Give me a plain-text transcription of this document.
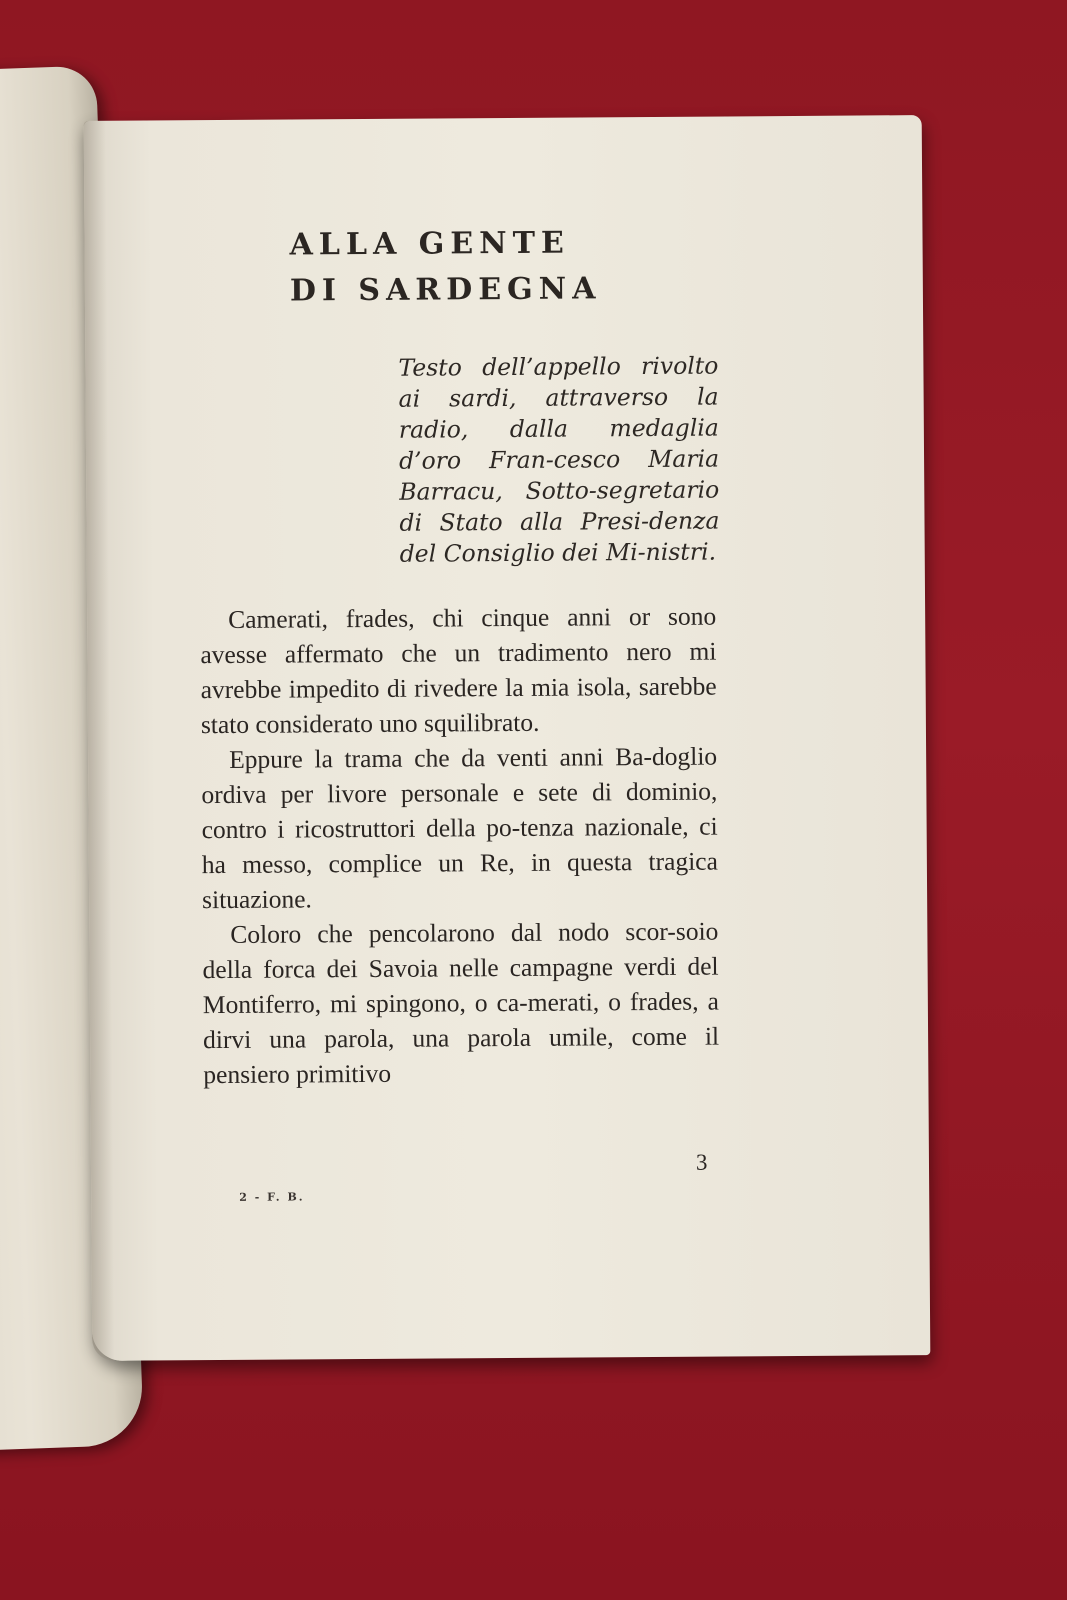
ALLA GENTE
DI SARDEGNA
Testo dell’appello rivolto ai sardi, attraverso la radio, dalla medaglia d’oro Fran-cesco Maria Barracu, Sotto-segretario di Stato alla Presi-denza del Consiglio dei Mi-nistri.

Camerati, frades, chi cinque anni or sono avesse affermato che un tradimento nero mi avrebbe impedito di rivedere la mia isola, sarebbe stato considerato uno squilibrato.

Eppure la trama che da venti anni Ba-doglio ordiva per livore personale e sete di dominio, contro i ricostruttori della po-tenza nazionale, ci ha messo, complice un Re, in questa tragica situazione.

Coloro che pencolarono dal nodo scor-soio della forca dei Savoia nelle campagne verdi del Montiferro, mi spingono, o ca-merati, o frades, a dirvi una parola, una parola umile, come il pensiero primitivo

3
2 - F. B.
